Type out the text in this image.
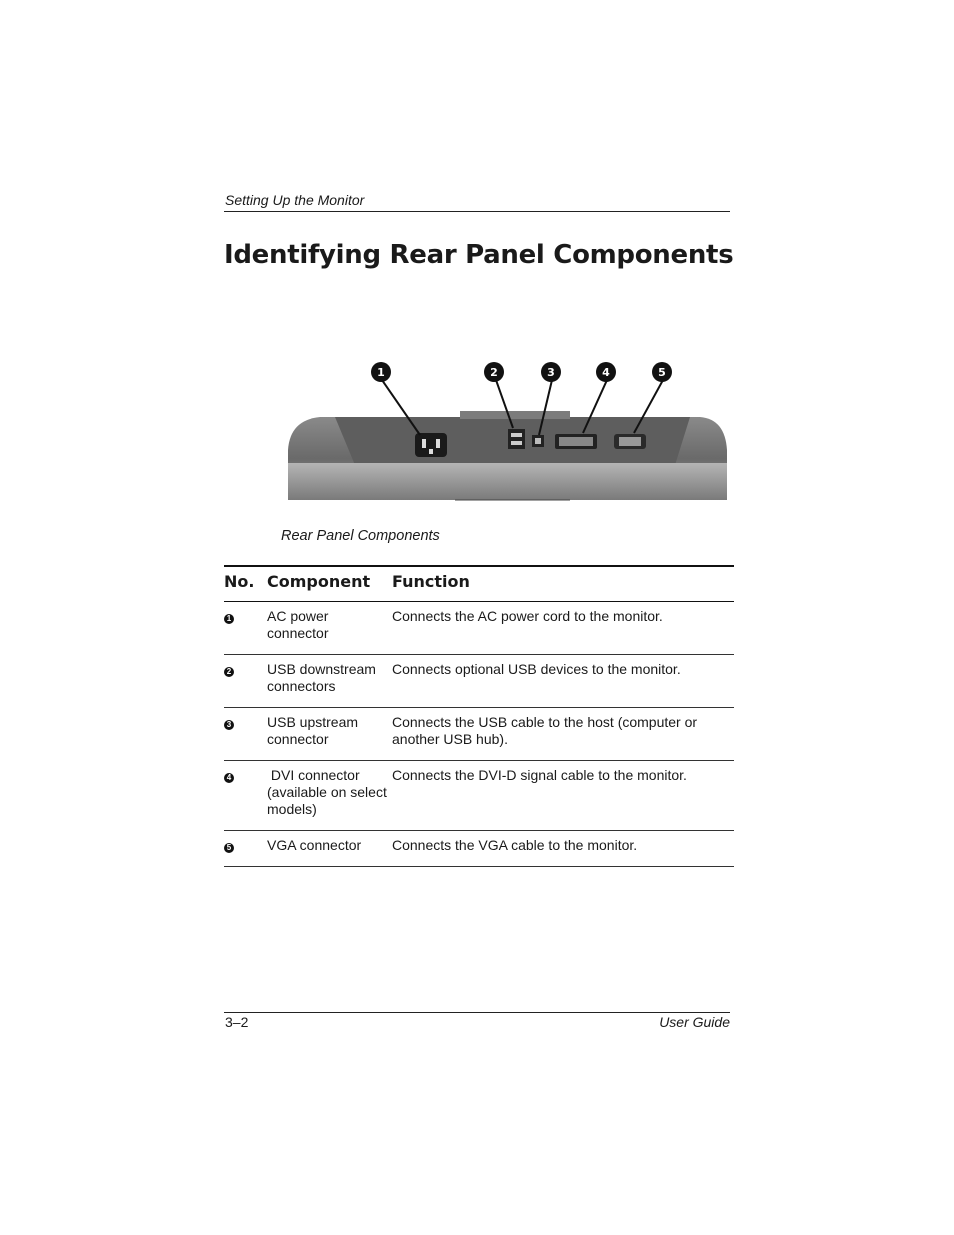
Setting Up the Monitor
Identifying Rear Panel Components
1	2	3	4	5
Rear Panel Components
No.	Component	Function
1	AC power connector	Connects the AC power cord to the monitor.
2	USB downstream connectors	Connects optional USB devices to the monitor.
3	USB upstream connector	Connects the USB cable to the host (computer or another USB hub).
4	DVI connector (available on select models)	Connects the DVI-D signal cable to the monitor.
5	VGA connector	Connects the VGA cable to the monitor.
3–2	User Guide
